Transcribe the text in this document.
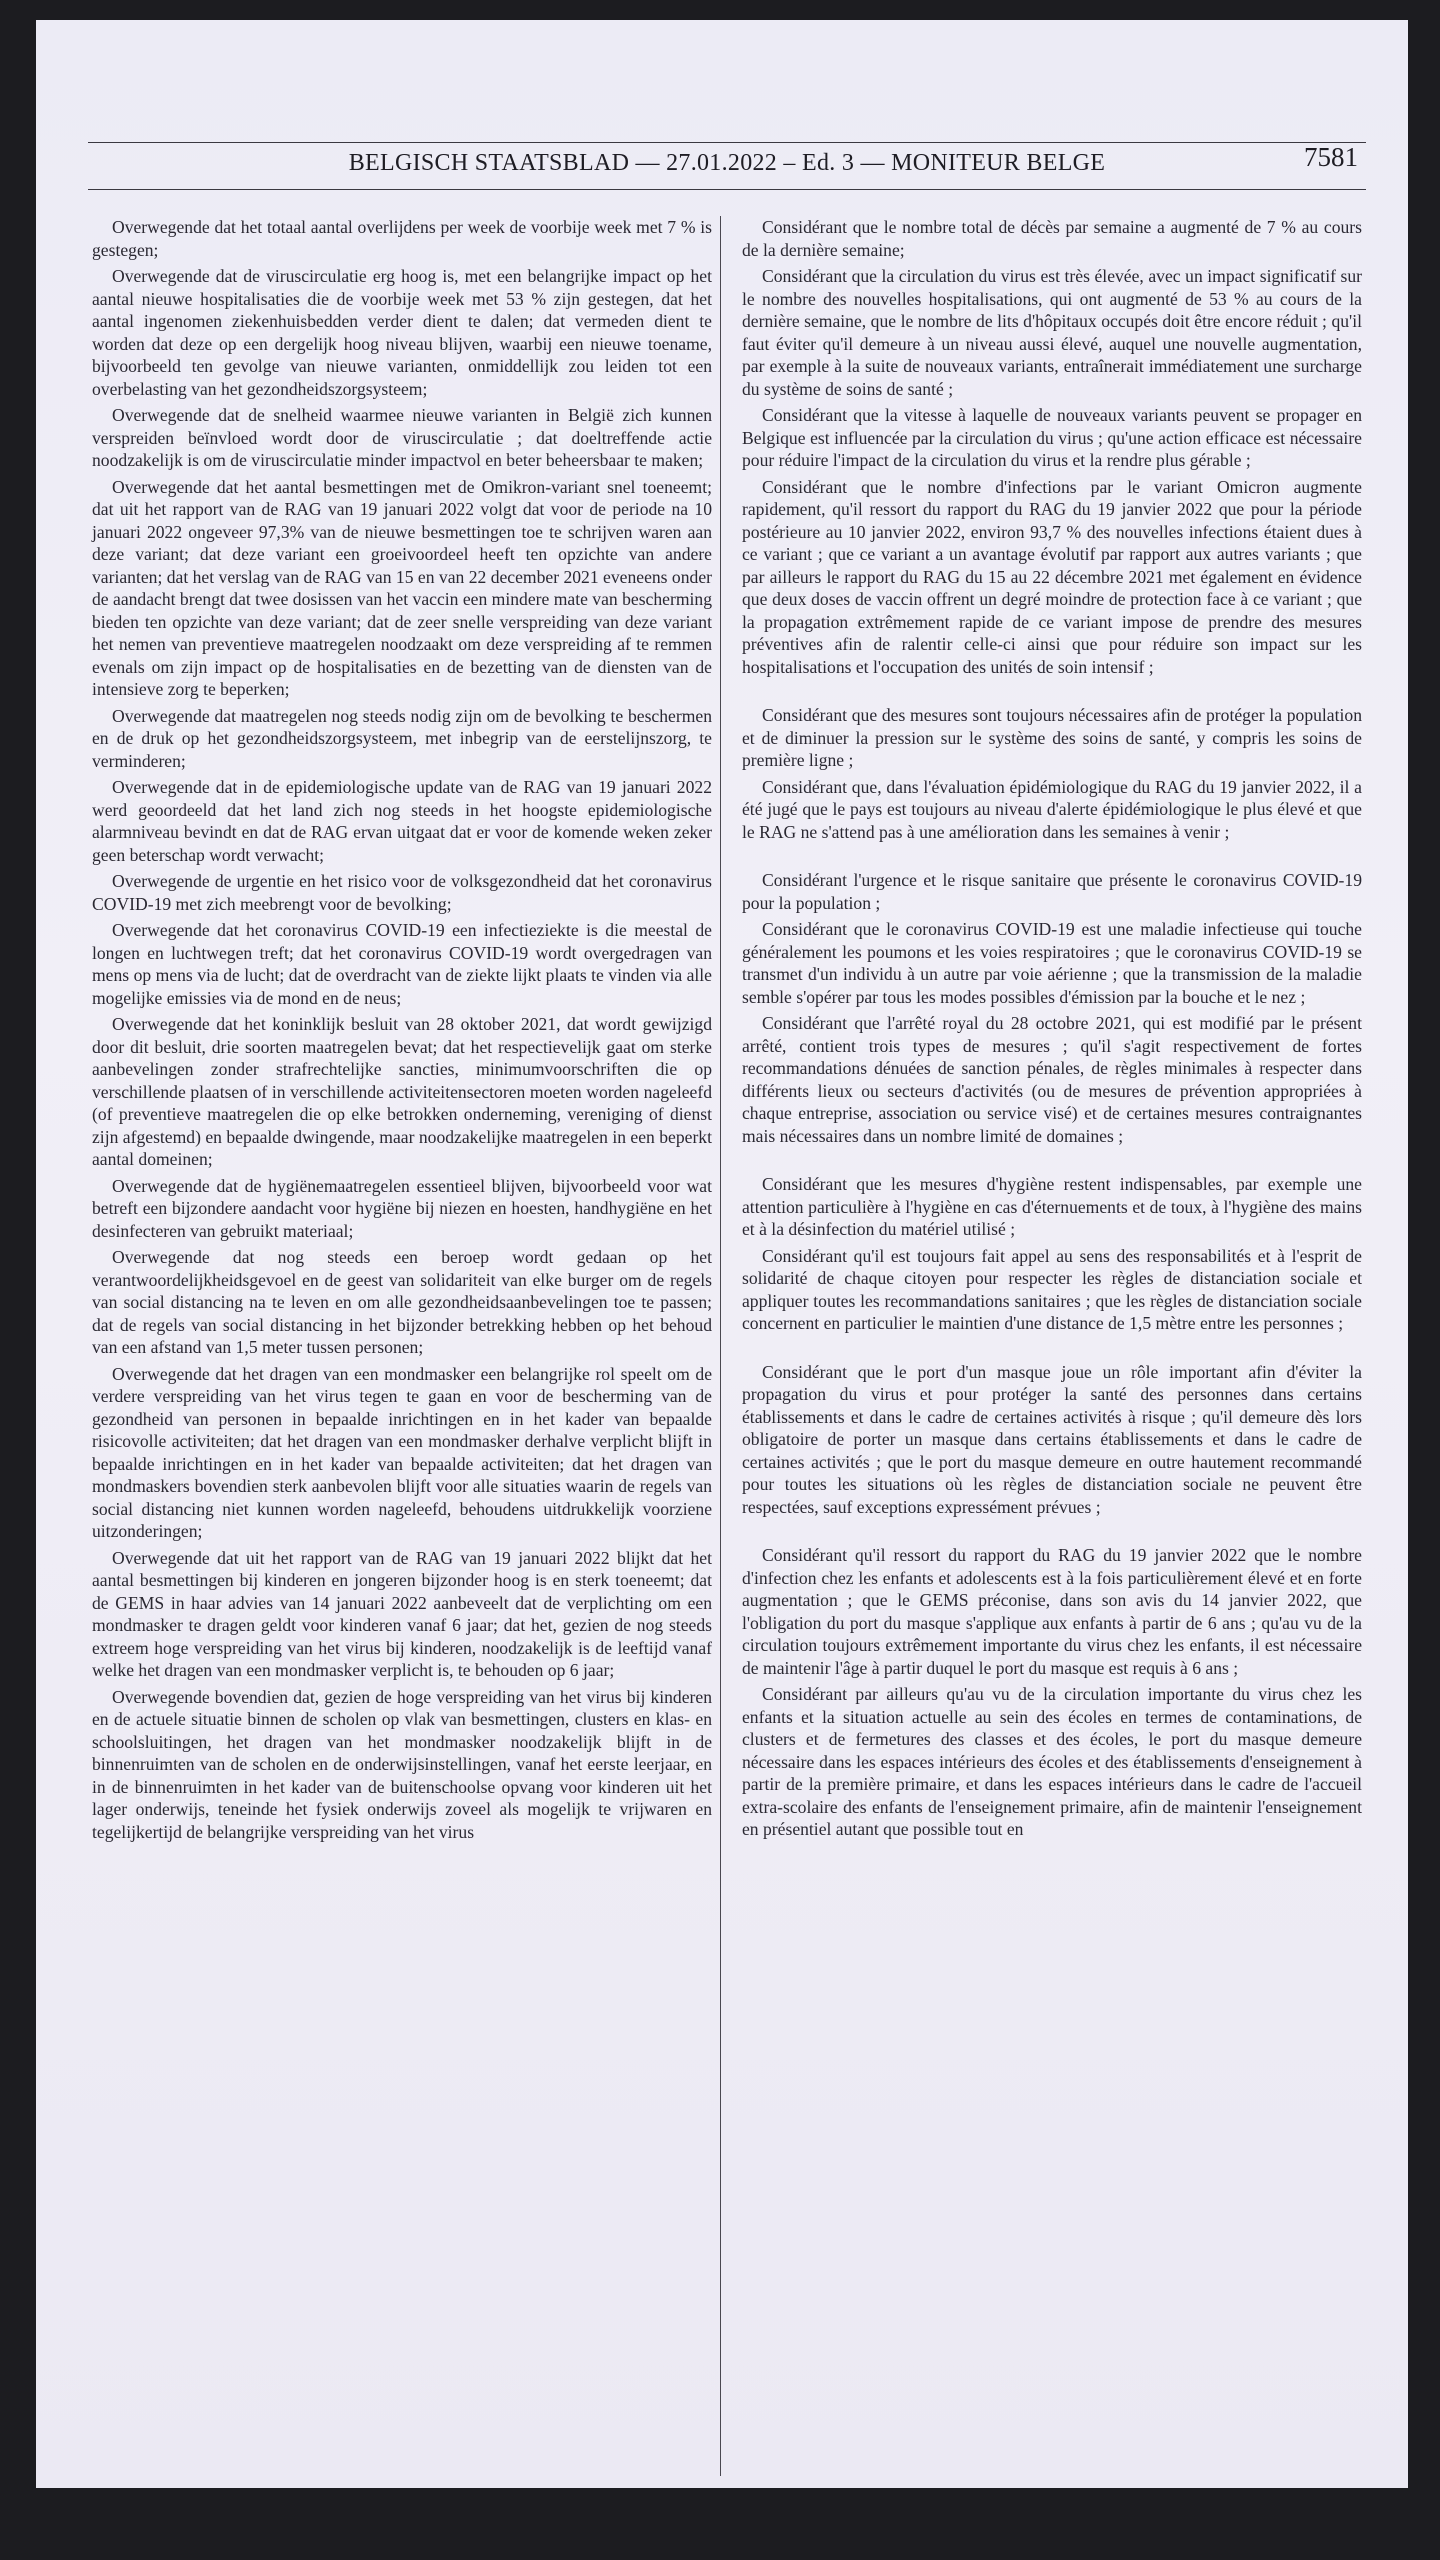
BELGISCH STAATSBLAD — 27.01.2022 – Ed. 3 — MONITEUR BELGE	7581

Overwegende dat het totaal aantal overlijdens per week de voorbije week met 7 % is gestegen;

Overwegende dat de viruscirculatie erg hoog is, met een belangrijke impact op het aantal nieuwe hospitalisaties die de voorbije week met 53 % zijn gestegen, dat het aantal ingenomen ziekenhuisbedden verder dient te dalen; dat vermeden dient te worden dat deze op een dergelijk hoog niveau blijven, waarbij een nieuwe toename, bijvoorbeeld ten gevolge van nieuwe varianten, onmiddellijk zou leiden tot een overbelasting van het gezondheidszorgsysteem;

Overwegende dat de snelheid waarmee nieuwe varianten in België zich kunnen verspreiden beïnvloed wordt door de viruscirculatie ; dat doeltreffende actie noodzakelijk is om de viruscirculatie minder impactvol en beter beheersbaar te maken;

Overwegende dat het aantal besmettingen met de Omikron-variant snel toeneemt; dat uit het rapport van de RAG van 19 januari 2022 volgt dat voor de periode na 10 januari 2022 ongeveer 97,3% van de nieuwe besmettingen toe te schrijven waren aan deze variant; dat deze variant een groeivoordeel heeft ten opzichte van andere varianten; dat het verslag van de RAG van 15 en van 22 december 2021 eveneens onder de aandacht brengt dat twee dosissen van het vaccin een mindere mate van bescherming bieden ten opzichte van deze variant; dat de zeer snelle verspreiding van deze variant het nemen van preventieve maatregelen noodzaakt om deze verspreiding af te remmen evenals om zijn impact op de hospitalisaties en de bezetting van de diensten van de intensieve zorg te beperken;

Overwegende dat maatregelen nog steeds nodig zijn om de bevolking te beschermen en de druk op het gezondheidszorgsysteem, met inbegrip van de eerstelijnszorg, te verminderen;

Overwegende dat in de epidemiologische update van de RAG van 19 januari 2022 werd geoordeeld dat het land zich nog steeds in het hoogste epidemiologische alarmniveau bevindt en dat de RAG ervan uitgaat dat er voor de komende weken zeker geen beterschap wordt verwacht;

Overwegende de urgentie en het risico voor de volksgezondheid dat het coronavirus COVID-19 met zich meebrengt voor de bevolking;

Overwegende dat het coronavirus COVID-19 een infectieziekte is die meestal de longen en luchtwegen treft; dat het coronavirus COVID-19 wordt overgedragen van mens op mens via de lucht; dat de overdracht van de ziekte lijkt plaats te vinden via alle mogelijke emissies via de mond en de neus;

Overwegende dat het koninklijk besluit van 28 oktober 2021, dat wordt gewijzigd door dit besluit, drie soorten maatregelen bevat; dat het respectievelijk gaat om sterke aanbevelingen zonder strafrechtelijke sancties, minimumvoorschriften die op verschillende plaatsen of in verschillende activiteitensectoren moeten worden nageleefd (of preventieve maatregelen die op elke betrokken onderneming, vereniging of dienst zijn afgestemd) en bepaalde dwingende, maar noodzakelijke maatregelen in een beperkt aantal domeinen;

Overwegende dat de hygiënemaatregelen essentieel blijven, bijvoorbeeld voor wat betreft een bijzondere aandacht voor hygiëne bij niezen en hoesten, handhygiëne en het desinfecteren van gebruikt materiaal;

Overwegende dat nog steeds een beroep wordt gedaan op het verantwoordelijkheidsgevoel en de geest van solidariteit van elke burger om de regels van social distancing na te leven en om alle gezondheidsaanbevelingen toe te passen; dat de regels van social distancing in het bijzonder betrekking hebben op het behoud van een afstand van 1,5 meter tussen personen;

Overwegende dat het dragen van een mondmasker een belangrijke rol speelt om de verdere verspreiding van het virus tegen te gaan en voor de bescherming van de gezondheid van personen in bepaalde inrichtingen en in het kader van bepaalde risicovolle activiteiten; dat het dragen van een mondmasker derhalve verplicht blijft in bepaalde inrichtingen en in het kader van bepaalde activiteiten; dat het dragen van mondmaskers bovendien sterk aanbevolen blijft voor alle situaties waarin de regels van social distancing niet kunnen worden nageleefd, behoudens uitdrukkelijk voorziene uitzonderingen;

Overwegende dat uit het rapport van de RAG van 19 januari 2022 blijkt dat het aantal besmettingen bij kinderen en jongeren bijzonder hoog is en sterk toeneemt; dat de GEMS in haar advies van 14 januari 2022 aanbeveelt dat de verplichting om een mondmasker te dragen geldt voor kinderen vanaf 6 jaar; dat het, gezien de nog steeds extreem hoge verspreiding van het virus bij kinderen, noodzakelijk is de leeftijd vanaf welke het dragen van een mondmasker verplicht is, te behouden op 6 jaar;

Overwegende bovendien dat, gezien de hoge verspreiding van het virus bij kinderen en de actuele situatie binnen de scholen op vlak van besmettingen, clusters en klas- en schoolsluitingen, het dragen van het mondmasker noodzakelijk blijft in de binnenruimten van de scholen en de onderwijsinstellingen, vanaf het eerste leerjaar, en in de binnenruimten in het kader van de buitenschoolse opvang voor kinderen uit het lager onderwijs, teneinde het fysiek onderwijs zoveel als mogelijk te vrijwaren en tegelijkertijd de belangrijke verspreiding van het virus

Considérant que le nombre total de décès par semaine a augmenté de 7 % au cours de la dernière semaine;

Considérant que la circulation du virus est très élevée, avec un impact significatif sur le nombre des nouvelles hospitalisations, qui ont augmenté de 53 % au cours de la dernière semaine, que le nombre de lits d'hôpitaux occupés doit être encore réduit ; qu'il faut éviter qu'il demeure à un niveau aussi élevé, auquel une nouvelle augmentation, par exemple à la suite de nouveaux variants, entraînerait immédiatement une surcharge du système de soins de santé ;

Considérant que la vitesse à laquelle de nouveaux variants peuvent se propager en Belgique est influencée par la circulation du virus ; qu'une action efficace est nécessaire pour réduire l'impact de la circulation du virus et la rendre plus gérable ;

Considérant que le nombre d'infections par le variant Omicron augmente rapidement, qu'il ressort du rapport du RAG du 19 janvier 2022 que pour la période postérieure au 10 janvier 2022, environ 93,7 % des nouvelles infections étaient dues à ce variant ; que ce variant a un avantage évolutif par rapport aux autres variants ; que par ailleurs le rapport du RAG du 15 au 22 décembre 2021 met également en évidence que deux doses de vaccin offrent un degré moindre de protection face à ce variant ; que la propagation extrêmement rapide de ce variant impose de prendre des mesures préventives afin de ralentir celle-ci ainsi que pour réduire son impact sur les hospitalisations et l'occupation des unités de soin intensif ;

Considérant que des mesures sont toujours nécessaires afin de protéger la population et de diminuer la pression sur le système des soins de santé, y compris les soins de première ligne ;

Considérant que, dans l'évaluation épidémiologique du RAG du 19 janvier 2022, il a été jugé que le pays est toujours au niveau d'alerte épidémiologique le plus élevé et que le RAG ne s'attend pas à une amélioration dans les semaines à venir ;

Considérant l'urgence et le risque sanitaire que présente le coronavirus COVID-19 pour la population ;

Considérant que le coronavirus COVID-19 est une maladie infectieuse qui touche généralement les poumons et les voies respiratoires ; que le coronavirus COVID-19 se transmet d'un individu à un autre par voie aérienne ; que la transmission de la maladie semble s'opérer par tous les modes possibles d'émission par la bouche et le nez ;

Considérant que l'arrêté royal du 28 octobre 2021, qui est modifié par le présent arrêté, contient trois types de mesures ; qu'il s'agit respectivement de fortes recommandations dénuées de sanction pénales, de règles minimales à respecter dans différents lieux ou secteurs d'activités (ou de mesures de prévention appropriées à chaque entreprise, association ou service visé) et de certaines mesures contraignantes mais nécessaires dans un nombre limité de domaines ;

Considérant que les mesures d'hygiène restent indispensables, par exemple une attention particulière à l'hygiène en cas d'éternuements et de toux, à l'hygiène des mains et à la désinfection du matériel utilisé ;

Considérant qu'il est toujours fait appel au sens des responsabilités et à l'esprit de solidarité de chaque citoyen pour respecter les règles de distanciation sociale et appliquer toutes les recommandations sanitaires ; que les règles de distanciation sociale concernent en particulier le maintien d'une distance de 1,5 mètre entre les personnes ;

Considérant que le port d'un masque joue un rôle important afin d'éviter la propagation du virus et pour protéger la santé des personnes dans certains établissements et dans le cadre de certaines activités à risque ; qu'il demeure dès lors obligatoire de porter un masque dans certains établissements et dans le cadre de certaines activités ; que le port du masque demeure en outre hautement recommandé pour toutes les situations où les règles de distanciation sociale ne peuvent être respectées, sauf exceptions expressément prévues ;

Considérant qu'il ressort du rapport du RAG du 19 janvier 2022 que le nombre d'infection chez les enfants et adolescents est à la fois particulièrement élevé et en forte augmentation ; que le GEMS préconise, dans son avis du 14 janvier 2022, que l'obligation du port du masque s'applique aux enfants à partir de 6 ans ; qu'au vu de la circulation toujours extrêmement importante du virus chez les enfants, il est nécessaire de maintenir l'âge à partir duquel le port du masque est requis à 6 ans ;

Considérant par ailleurs qu'au vu de la circulation importante du virus chez les enfants et la situation actuelle au sein des écoles en termes de contaminations, de clusters et de fermetures des classes et des écoles, le port du masque demeure nécessaire dans les espaces intérieurs des écoles et des établissements d'enseignement à partir de la première primaire, et dans les espaces intérieurs dans le cadre de l'accueil extra-scolaire des enfants de l'enseignement primaire, afin de maintenir l'enseignement en présentiel autant que possible tout en
